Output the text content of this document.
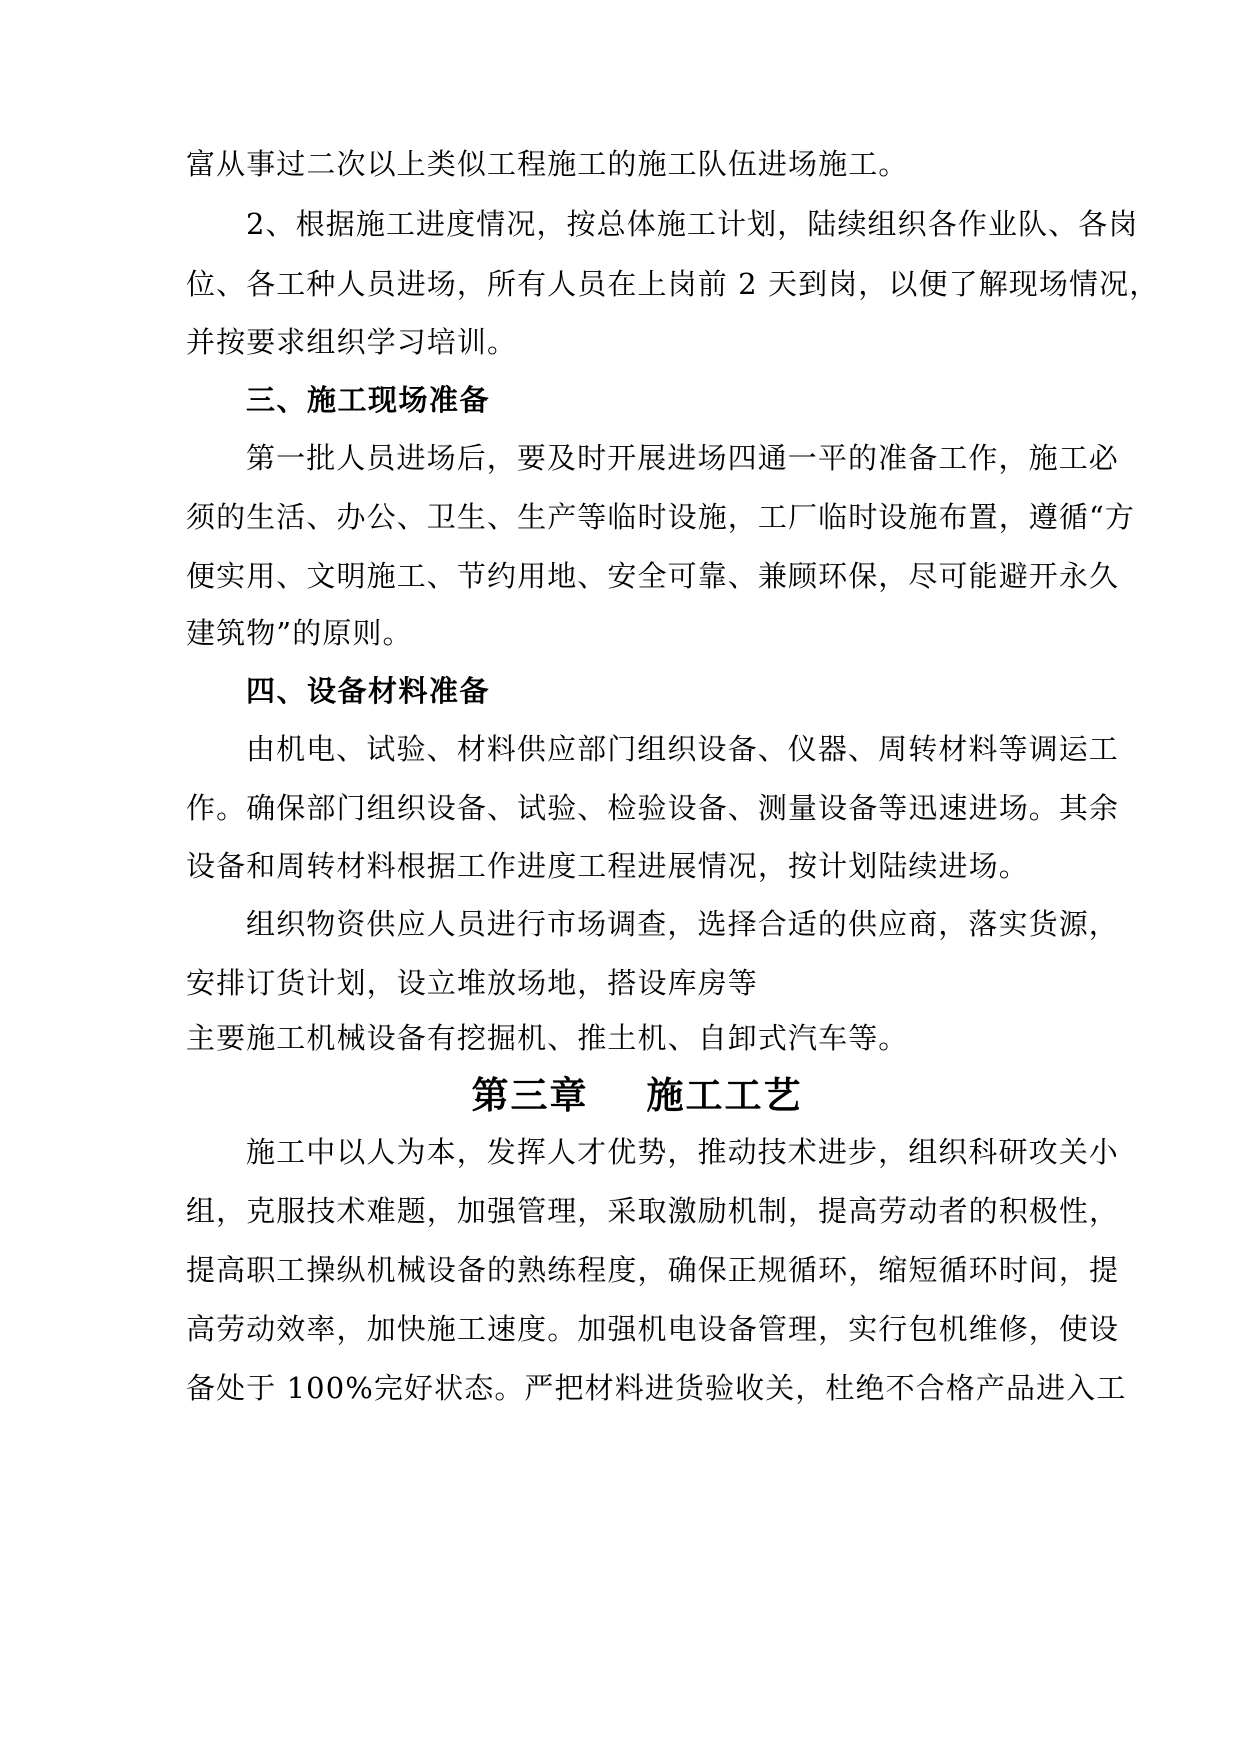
富从事过二次以上类似工程施工的施工队伍进场施工。
2、根据施工进度情况，按总体施工计划，陆续组织各作业队、各岗
位、各工种人员进场，所有人员在上岗前 2 天到岗，以便了解现场情况，
并按要求组织学习培训。
三、施工现场准备
第一批人员进场后，要及时开展进场四通一平的准备工作，施工必
须的生活、办公、卫生、生产等临时设施，工厂临时设施布置，遵循“方
便实用、文明施工、节约用地、安全可靠、兼顾环保，尽可能避开永久
建筑物”的原则。
四、设备材料准备
由机电、试验、材料供应部门组织设备、仪器、周转材料等调运工
作。确保部门组织设备、试验、检验设备、测量设备等迅速进场。其余
设备和周转材料根据工作进度工程进展情况，按计划陆续进场。
组织物资供应人员进行市场调查，选择合适的供应商，落实货源，
安排订货计划，设立堆放场地，搭设库房等
主要施工机械设备有挖掘机、推土机、自卸式汽车等。
第三章 施工工艺
施工中以人为本，发挥人才优势，推动技术进步，组织科研攻关小
组，克服技术难题，加强管理，采取激励机制，提高劳动者的积极性，
提高职工操纵机械设备的熟练程度，确保正规循环，缩短循环时间，提
高劳动效率，加快施工速度。加强机电设备管理，实行包机维修，使设
备处于 100%完好状态。严把材料进货验收关，杜绝不合格产品进入工
